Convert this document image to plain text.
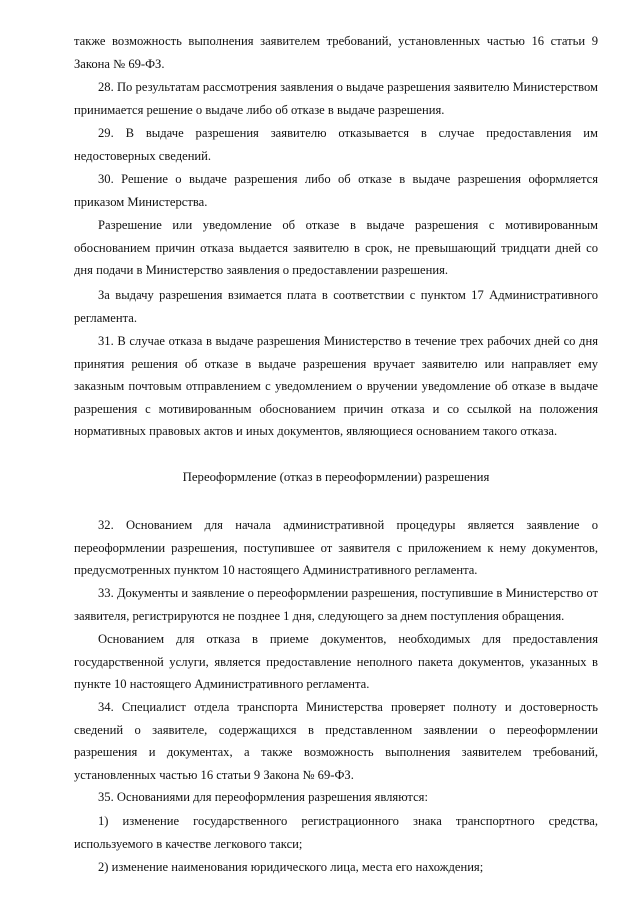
также возможность выполнения заявителем требований, установленных частью 16 статьи 9 Закона № 69-ФЗ.
28. По результатам рассмотрения заявления о выдаче разрешения заявителю Министерством принимается решение о выдаче либо об отказе в выдаче разрешения.
29. В выдаче разрешения заявителю отказывается в случае предоставления им недостоверных сведений.
30. Решение о выдаче разрешения либо об отказе в выдаче разрешения оформляется приказом Министерства.
Разрешение или уведомление об отказе в выдаче разрешения с мотивированным обоснованием причин отказа выдается заявителю в срок, не превышающий тридцати дней со дня подачи в Министерство заявления о предоставлении разрешения.
За выдачу разрешения взимается плата в соответствии с пунктом 17 Административного регламента.
31. В случае отказа в выдаче разрешения Министерство в течение трех рабочих дней со дня принятия решения об отказе в выдаче разрешения вручает заявителю или направляет ему заказным почтовым отправлением с уведомлением о вручении уведомление об отказе в выдаче разрешения с мотивированным обоснованием причин отказа и со ссылкой на положения нормативных правовых актов и иных документов, являющиеся основанием такого отказа.
Переоформление (отказ в переоформлении) разрешения
32. Основанием для начала административной процедуры является заявление о переоформлении разрешения, поступившее от заявителя с приложением к нему документов, предусмотренных пунктом 10 настоящего Административного регламента.
33. Документы и заявление о переоформлении разрешения, поступившие в Министерство от заявителя, регистрируются не позднее 1 дня, следующего за днем поступления обращения.
Основанием для отказа в приеме документов, необходимых для предоставления государственной услуги, является предоставление неполного пакета документов, указанных в пункте 10 настоящего Административного регламента.
34. Специалист отдела транспорта Министерства проверяет полноту и достоверность сведений о заявителе, содержащихся в представленном заявлении о переоформлении разрешения и документах, а также возможность выполнения заявителем требований, установленных частью 16 статьи 9 Закона № 69-ФЗ.
35. Основаниями для переоформления разрешения являются:
1) изменение государственного регистрационного знака транспортного средства, используемого в качестве легкового такси;
2) изменение наименования юридического лица, места его нахождения;
